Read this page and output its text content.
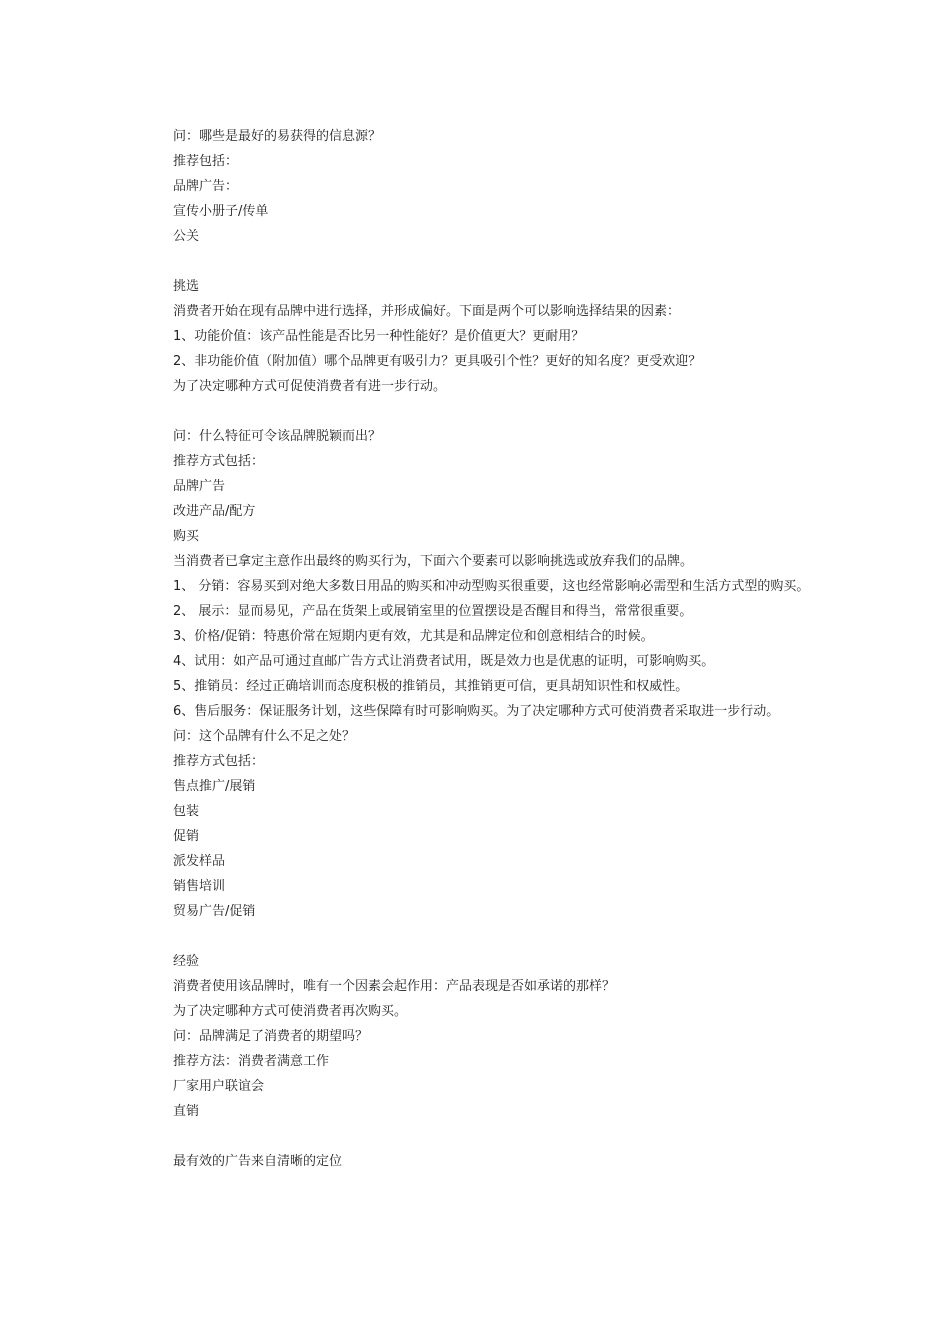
问：哪些是最好的易获得的信息源？
推荐包括：
品牌广告：
宣传小册子/传单
公关
挑选
消费者开始在现有品牌中进行选择，并形成偏好。下面是两个可以影响选择结果的因素：
1、功能价值：该产品性能是否比另一种性能好？是价值更大？更耐用？
2、非功能价值（附加值）哪个品牌更有吸引力？更具吸引个性？更好的知名度？更受欢迎？
为了决定哪种方式可促使消费者有进一步行动。
问：什么特征可令该品牌脱颖而出？
推荐方式包括：
品牌广告
改进产品/配方
购买
当消费者已拿定主意作出最终的购买行为，下面六个要素可以影响挑选或放弃我们的品牌。
1、 分销：容易买到对绝大多数日用品的购买和冲动型购买很重要，这也经常影响必需型和生活方式型的购买。
2、 展示：显而易见，产品在货架上或展销室里的位置摆设是否醒目和得当，常常很重要。
3、价格/促销：特惠价常在短期内更有效，尤其是和品牌定位和创意相结合的时候。
4、试用：如产品可通过直邮广告方式让消费者试用，既是效力也是优惠的证明，可影响购买。
5、推销员：经过正确培训而态度积极的推销员，其推销更可信，更具胡知识性和权威性。
6、售后服务：保证服务计划，这些保障有时可影响购买。为了决定哪种方式可使消费者采取进一步行动。
问：这个品牌有什么不足之处？
推荐方式包括：
售点推广/展销
包装
促销
派发样品
销售培训
贸易广告/促销
经验
消费者使用该品牌时，唯有一个因素会起作用：产品表现是否如承诺的那样？
为了决定哪种方式可使消费者再次购买。
问：品牌满足了消费者的期望吗？
推荐方法：消费者满意工作
厂家用户联谊会
直销
最有效的广告来自清晰的定位
